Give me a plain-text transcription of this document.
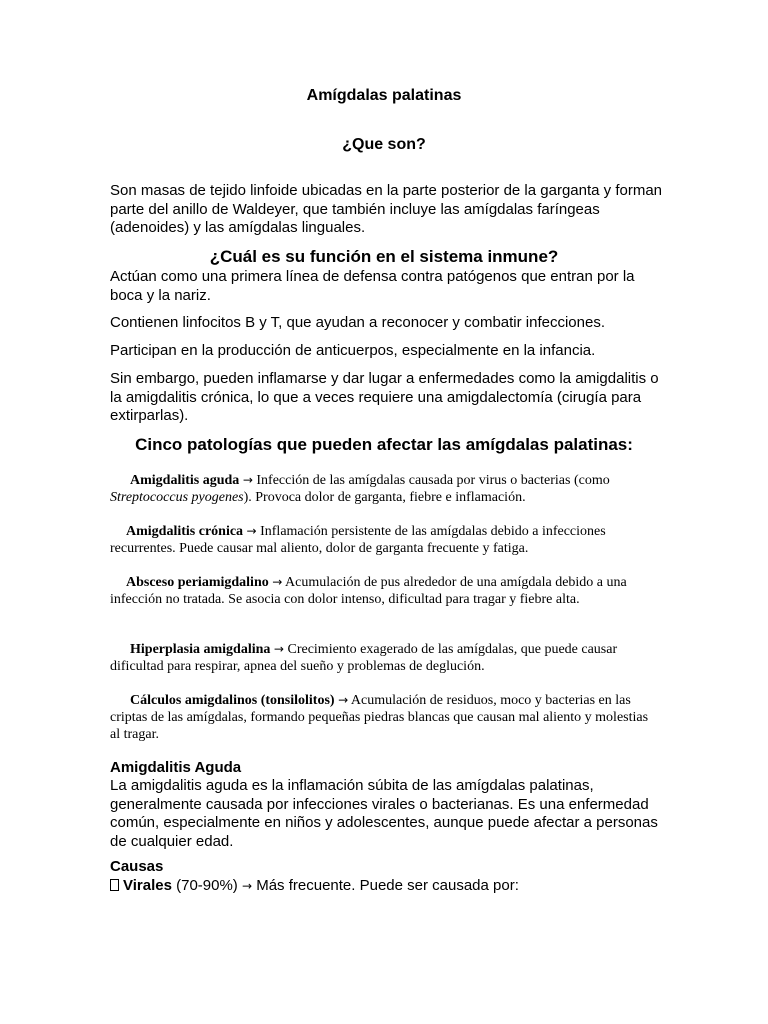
Amígdalas palatinas
¿Que son?
Son masas de tejido linfoide ubicadas en la parte posterior de la garganta y forman parte del anillo de Waldeyer, que también incluye las amígdalas faríngeas (adenoides) y las amígdalas linguales.
¿Cuál es su función en el sistema inmune?
Actúan como una primera línea de defensa contra patógenos que entran por la boca y la nariz.
Contienen linfocitos B y T, que ayudan a reconocer y combatir infecciones.
Participan en la producción de anticuerpos, especialmente en la infancia.
Sin embargo, pueden inflamarse y dar lugar a enfermedades como la amigdalitis o la amigdalitis crónica, lo que a veces requiere una amigdalectomía (cirugía para extirparlas).
Cinco patologías que pueden afectar las amígdalas palatinas:
Amigdalitis aguda → Infección de las amígdalas causada por virus o bacterias (como Streptococcus pyogenes). Provoca dolor de garganta, fiebre e inflamación.
Amigdalitis crónica → Inflamación persistente de las amígdalas debido a infecciones recurrentes. Puede causar mal aliento, dolor de garganta frecuente y fatiga.
Absceso periamigdalino → Acumulación de pus alrededor de una amígdala debido a una infección no tratada. Se asocia con dolor intenso, dificultad para tragar y fiebre alta.
Hiperplasia amigdalina → Crecimiento exagerado de las amígdalas, que puede causar dificultad para respirar, apnea del sueño y problemas de deglución.
Cálculos amigdalinos (tonsilolitos) → Acumulación de residuos, moco y bacterias en las criptas de las amígdalas, formando pequeñas piedras blancas que causan mal aliento y molestias al tragar.
Amigdalitis Aguda
La amigdalitis aguda es la inflamación súbita de las amígdalas palatinas, generalmente causada por infecciones virales o bacterianas. Es una enfermedad común, especialmente en niños y adolescentes, aunque puede afectar a personas de cualquier edad.
Causas
Virales (70-90%) → Más frecuente. Puede ser causada por:
